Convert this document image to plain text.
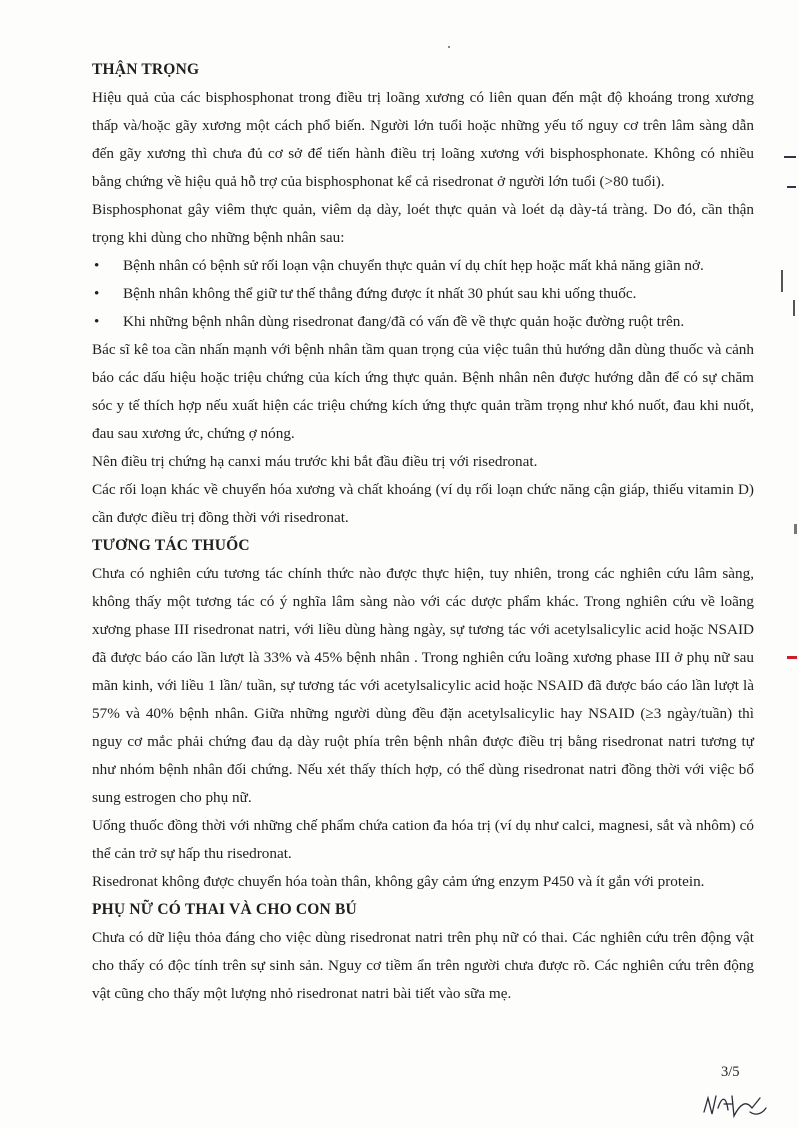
THẬN TRỌNG

Hiệu quả của các bisphosphonat trong điều trị loãng xương có liên quan đến mật độ khoáng trong xương thấp và/hoặc gãy xương một cách phổ biến. Người lớn tuổi hoặc những yếu tố nguy cơ trên lâm sàng dẫn đến gãy xương thì chưa đủ cơ sở để tiến hành điều trị loãng xương với bisphosphonate. Không có nhiều bằng chứng về hiệu quả hỗ trợ của bisphosphonat kể cả risedronat ở người lớn tuổi (>80 tuổi).

Bisphosphonat gây viêm thực quản, viêm dạ dày, loét thực quản và loét dạ dày-tá tràng. Do đó, cần thận trọng khi dùng cho những bệnh nhân sau:

• Bệnh nhân có bệnh sử rối loạn vận chuyển thực quản ví dụ chít hẹp hoặc mất khả năng giãn nở.
• Bệnh nhân không thể giữ tư thế thẳng đứng được ít nhất 30 phút sau khi uống thuốc.
• Khi những bệnh nhân dùng risedronat đang/đã có vấn đề về thực quản hoặc đường ruột trên.

Bác sĩ kê toa cần nhấn mạnh với bệnh nhân tầm quan trọng của việc tuân thủ hướng dẫn dùng thuốc và cảnh báo các dấu hiệu hoặc triệu chứng của kích ứng thực quản. Bệnh nhân nên được hướng dẫn để có sự chăm sóc y tế thích hợp nếu xuất hiện các triệu chứng kích ứng thực quản trầm trọng như khó nuốt, đau khi nuốt, đau sau xương ức, chứng ợ nóng.

Nên điều trị chứng hạ canxi máu trước khi bắt đầu điều trị với risedronat.

Các rối loạn khác về chuyển hóa xương và chất khoáng (ví dụ rối loạn chức năng cận giáp, thiếu vitamin D) cần được điều trị đồng thời với risedronat.

TƯƠNG TÁC THUỐC

Chưa có nghiên cứu tương tác chính thức nào được thực hiện, tuy nhiên, trong các nghiên cứu lâm sàng, không thấy một tương tác có ý nghĩa lâm sàng nào với các dược phẩm khác. Trong nghiên cứu về loãng xương phase III risedronat natri, với liều dùng hàng ngày, sự tương tác với acetylsalicylic acid hoặc NSAID đã được báo cáo lần lượt là 33% và 45% bệnh nhân . Trong nghiên cứu loãng xương phase III ở phụ nữ sau mãn kinh, với liều 1 lần/ tuần, sự tương tác với acetylsalicylic acid hoặc NSAID đã được báo cáo lần lượt là 57% và 40% bệnh nhân. Giữa những người dùng đều đặn acetylsalicylic hay NSAID (≥3 ngày/tuần) thì nguy cơ mắc phải chứng đau dạ dày ruột phía trên bệnh nhân được điều trị bằng risedronat natri tương tự như nhóm bệnh nhân đối chứng. Nếu xét thấy thích hợp, có thể dùng risedronat natri đồng thời với việc bổ sung estrogen cho phụ nữ.

Uống thuốc đồng thời với những chế phẩm chứa cation đa hóa trị (ví dụ như calci, magnesi, sắt và nhôm) có thể cản trở sự hấp thu risedronat.

Risedronat không được chuyển hóa toàn thân, không gây cảm ứng enzym P450 và ít gắn với protein.

PHỤ NỮ CÓ THAI VÀ CHO CON BÚ

Chưa có dữ liệu thỏa đáng cho việc dùng risedronat natri trên phụ nữ có thai. Các nghiên cứu trên động vật cho thấy có độc tính trên sự sinh sản. Nguy cơ tiềm ẩn trên người chưa được rõ. Các nghiên cứu trên động vật cũng cho thấy một lượng nhỏ risedronat natri bài tiết vào sữa mẹ.

3/5
